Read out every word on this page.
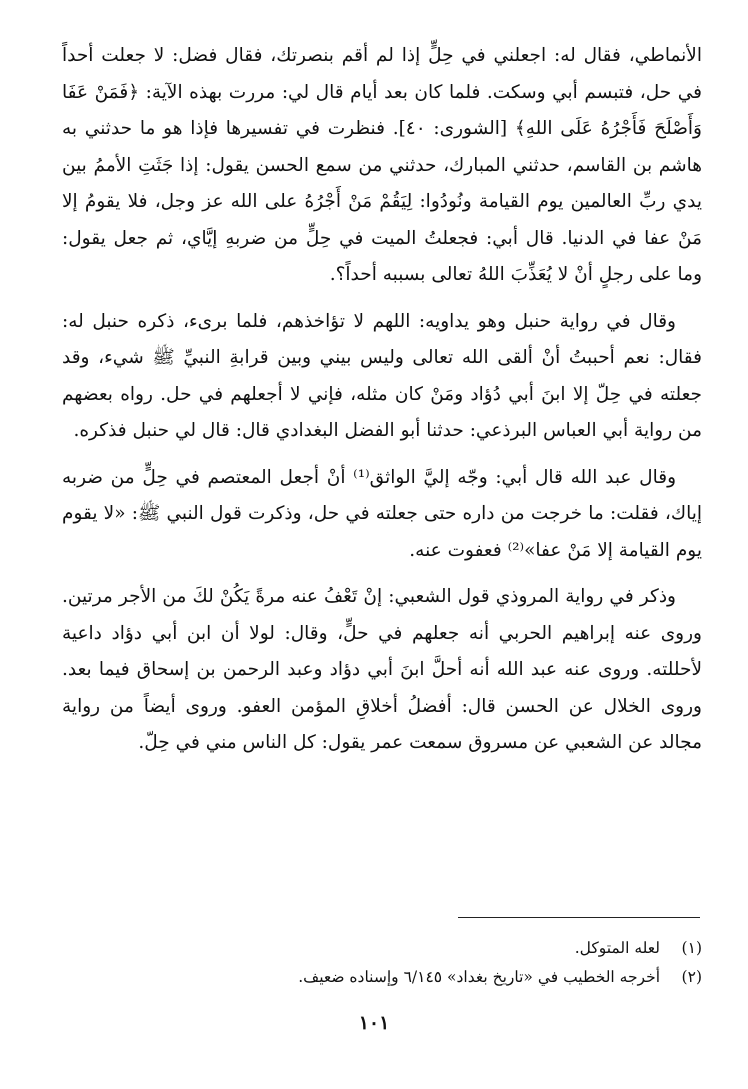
الأنماطي، فقال له: اجعلني في حِلٍّ إذا لم أقم بنصرتك، فقال فضل: لا جعلت أحداً في حل، فتبسم أبي وسكت. فلما كان بعد أيام قال لي: مررت بهذه الآية: ﴿فَمَنْ عَفَا وَأَصْلَحَ فَأَجْرُهُ عَلَى اللهِ﴾ [الشورى: ٤٠]. فنظرت في تفسيرها فإذا هو ما حدثني به هاشم بن القاسم، حدثني المبارك، حدثني من سمع الحسن يقول: إذا جَثَتِ الأممُ بين يدي ربِّ العالمين يوم القيامة ونُودُوا: لِيَقُمْ مَنْ أَجْرُهُ على الله عز وجل، فلا يقومُ إلا مَنْ عفا في الدنيا. قال أبي: فجعلتُ الميت في حِلٍّ من ضربهِ إيَّاي، ثم جعل يقول: وما على رجلٍ أنْ لا يُعَذِّبَ اللهُ تعالى بسببه أحداً؟.

وقال في رواية حنبل وهو يداويه: اللهم لا تؤاخذهم، فلما برىء، ذكره حنبل له: فقال: نعم أحببتُ أنْ ألقى الله تعالى وليس بيني وبين قرابةِ النبيِّ ﷺ شيء، وقد جعلته في حِلّ إلا ابنَ أبي دُؤاد ومَنْ كان مثله، فإني لا أجعلهم في حل. رواه بعضهم من رواية أبي العباس البرذعي: حدثنا أبو الفضل البغدادي قال: قال لي حنبل فذكره.

وقال عبد الله قال أبي: وجّه إليَّ الواثق⁽¹⁾ أنْ أجعل المعتصم في حِلٍّ من ضربه إياك، فقلت: ما خرجت من داره حتى جعلته في حل، وذكرت قول النبي ﷺ: «لا يقوم يوم القيامة إلا مَنْ عفا»⁽²⁾ فعفوت عنه.

وذكر في رواية المروذي قول الشعبي: إنْ تَعْفُ عنه مرةً يَكُنْ لكَ من الأجر مرتين. وروى عنه إبراهيم الحربي أنه جعلهم في حلٍّ، وقال: لولا أن ابن أبي دؤاد داعية لأحللته. وروى عنه عبد الله أنه أحلَّ ابنَ أبي دؤاد وعبد الرحمن بن إسحاق فيما بعد. وروى الخلال عن الحسن قال: أفضلُ أخلاقِ المؤمن العفو. وروى أيضاً من رواية مجالد عن الشعبي عن مسروق سمعت عمر يقول: كل الناس مني في حِلّ.

(١)
لعله المتوكل.
(٢)
أخرجه الخطيب في «تاريخ بغداد» ٦/١٤٥ وإسناده ضعيف.
١٠١
